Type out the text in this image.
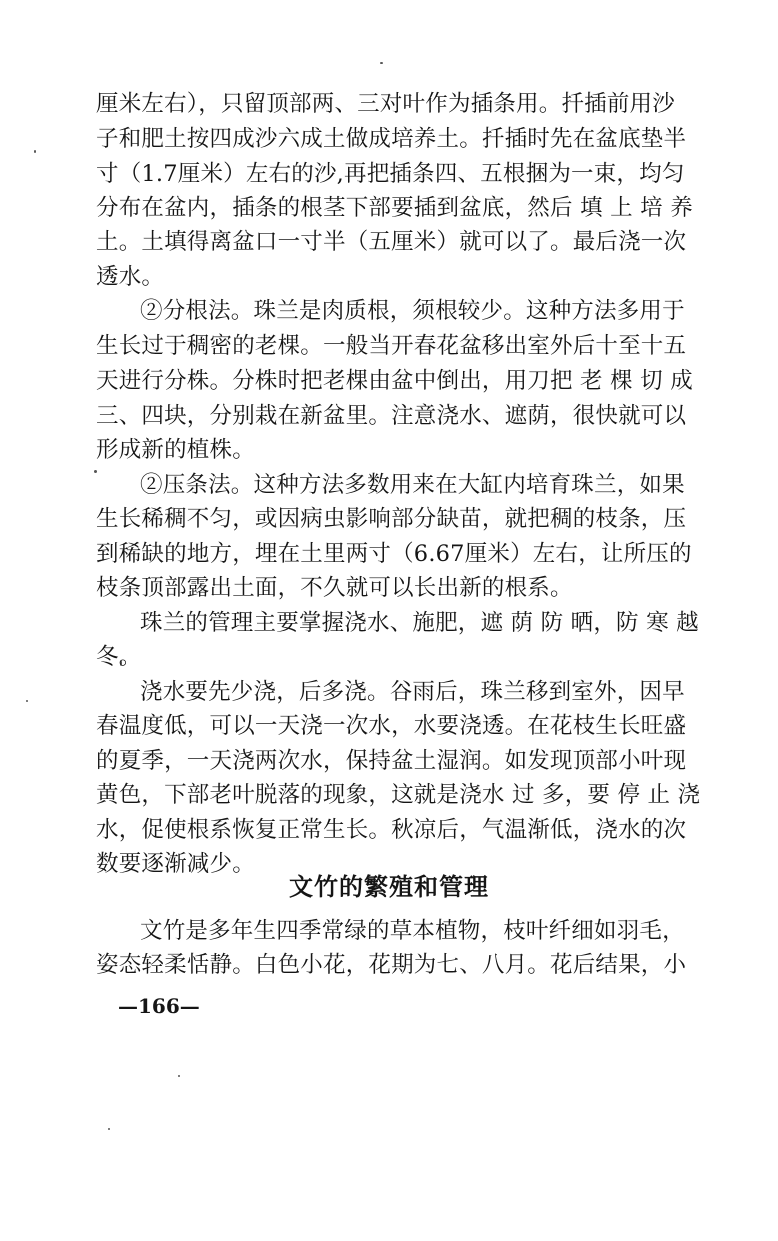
厘米左右），只留顶部两、三对叶作为插条用。扦插前用沙
子和肥土按四成沙六成土做成培养土。扦插时先在盆底垫半
寸（1.7厘米）左右的沙,再把插条四、五根捆为一束，均匀
分布在盆内，插条的根茎下部要插到盆底，然后 填 上 培 养
土。土填得离盆口一寸半（五厘米）就可以了。最后浇一次
透水。
②分根法。珠兰是肉质根，须根较少。这种方法多用于
生长过于稠密的老棵。一般当开春花盆移出室外后十至十五
天进行分株。分株时把老棵由盆中倒出，用刀把 老 棵 切 成
三、四块，分别栽在新盆里。注意浇水、遮荫，很快就可以
形成新的植株。
②压条法。这种方法多数用来在大缸内培育珠兰，如果
生长稀稠不匀，或因病虫影响部分缺苗，就把稠的枝条，压
到稀缺的地方，埋在土里两寸（6.67厘米）左右，让所压的
枝条顶部露出土面，不久就可以长出新的根系。
珠兰的管理主要掌握浇水、施肥，遮 荫 防 晒，防 寒 越
冬。
浇水要先少浇，后多浇。谷雨后，珠兰移到室外，因早
春温度低，可以一天浇一次水，水要浇透。在花枝生长旺盛
的夏季，一天浇两次水，保持盆土湿润。如发现顶部小叶现
黄色，下部老叶脱落的现象，这就是浇水 过 多，要 停 止 浇
水，促使根系恢复正常生长。秋凉后，气温渐低，浇水的次
数要逐渐减少。
文竹的繁殖和管理
文竹是多年生四季常绿的草本植物，枝叶纤细如羽毛，
姿态轻柔恬静。白色小花，花期为七、八月。花后结果，小
—166—
